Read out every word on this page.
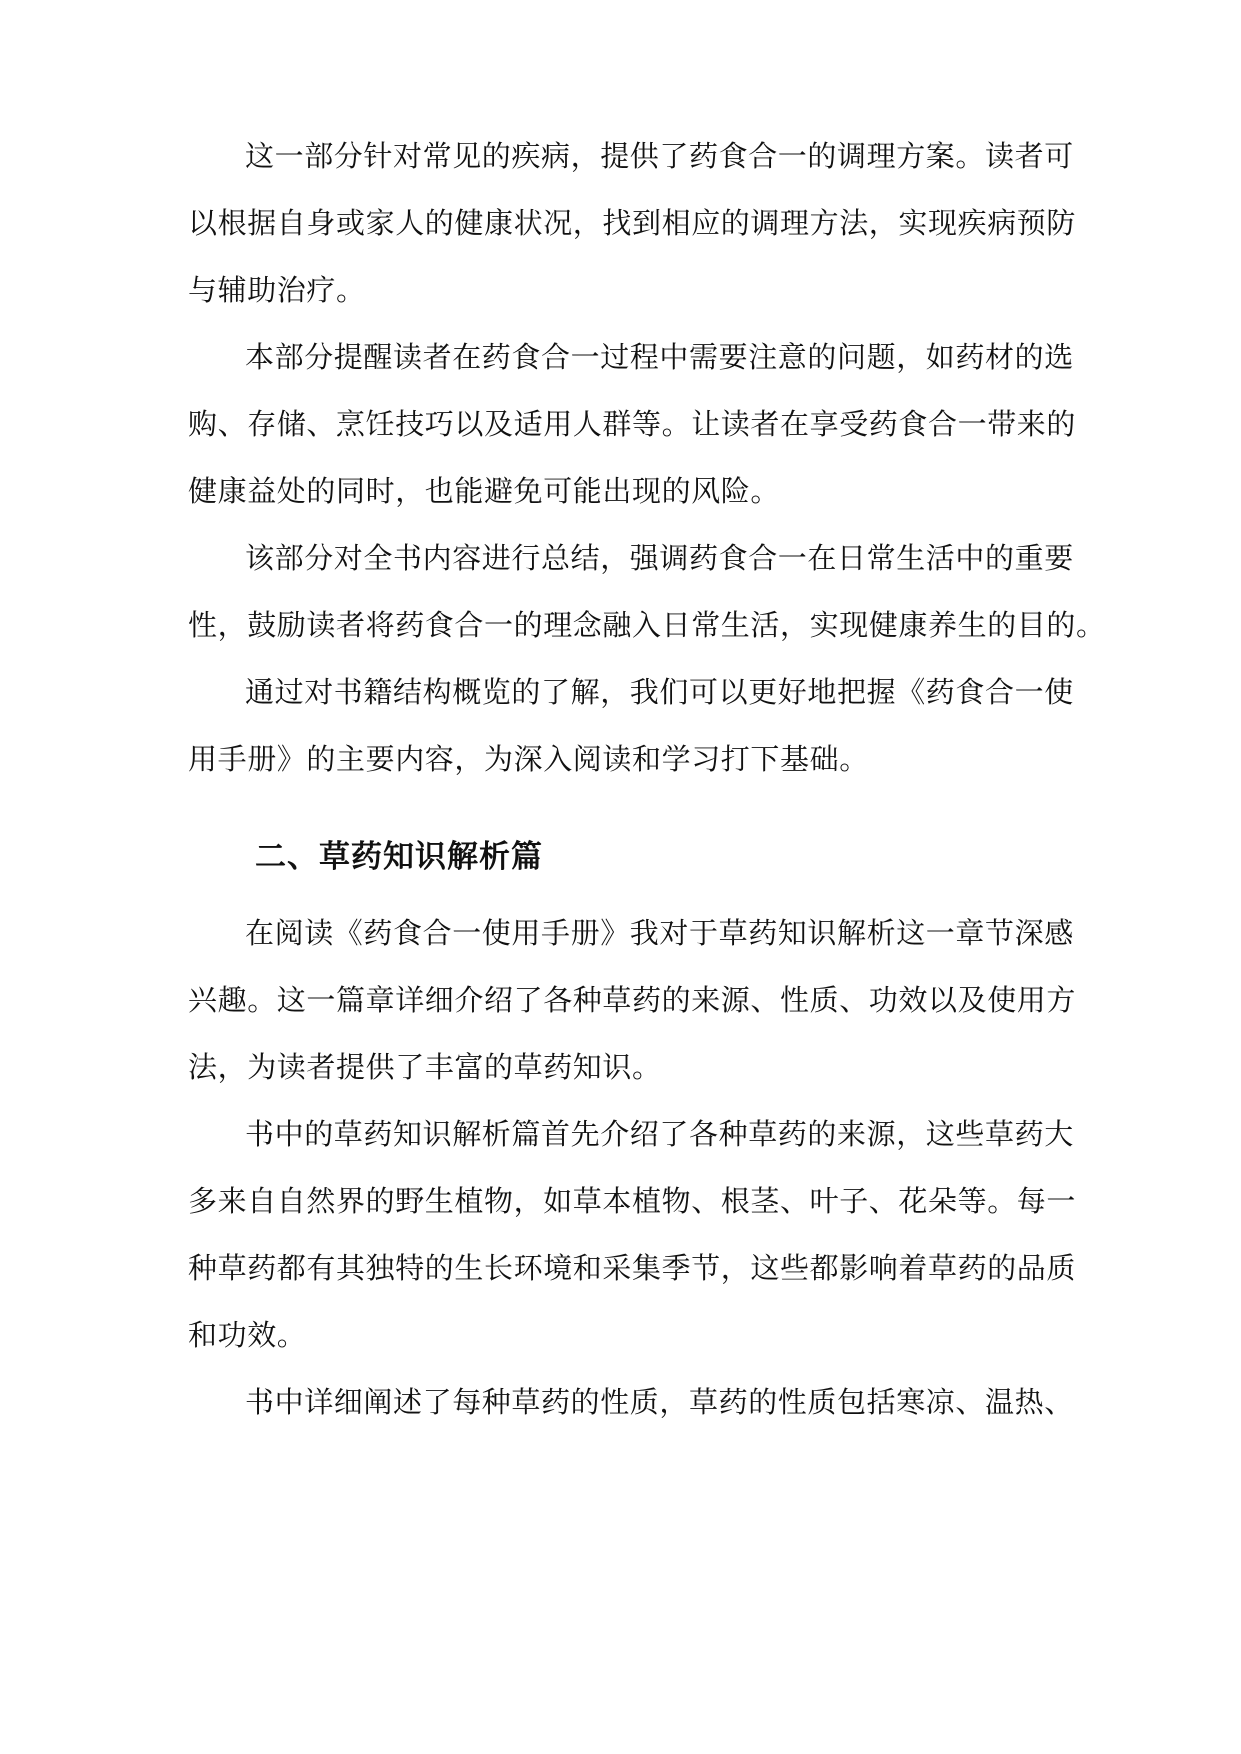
这一部分针对常见的疾病，提供了药食合一的调理方案。读者可
以根据自身或家人的健康状况，找到相应的调理方法，实现疾病预防
与辅助治疗。
本部分提醒读者在药食合一过程中需要注意的问题，如药材的选
购、存储、烹饪技巧以及适用人群等。让读者在享受药食合一带来的
健康益处的同时，也能避免可能出现的风险。
该部分对全书内容进行总结，强调药食合一在日常生活中的重要
性，鼓励读者将药食合一的理念融入日常生活，实现健康养生的目的。
通过对书籍结构概览的了解，我们可以更好地把握《药食合一使
用手册》的主要内容，为深入阅读和学习打下基础。
二、草药知识解析篇
在阅读《药食合一使用手册》我对于草药知识解析这一章节深感
兴趣。这一篇章详细介绍了各种草药的来源、性质、功效以及使用方
法，为读者提供了丰富的草药知识。
书中的草药知识解析篇首先介绍了各种草药的来源，这些草药大
多来自自然界的野生植物，如草本植物、根茎、叶子、花朵等。每一
种草药都有其独特的生长环境和采集季节，这些都影响着草药的品质
和功效。
书中详细阐述了每种草药的性质，草药的性质包括寒凉、温热、
